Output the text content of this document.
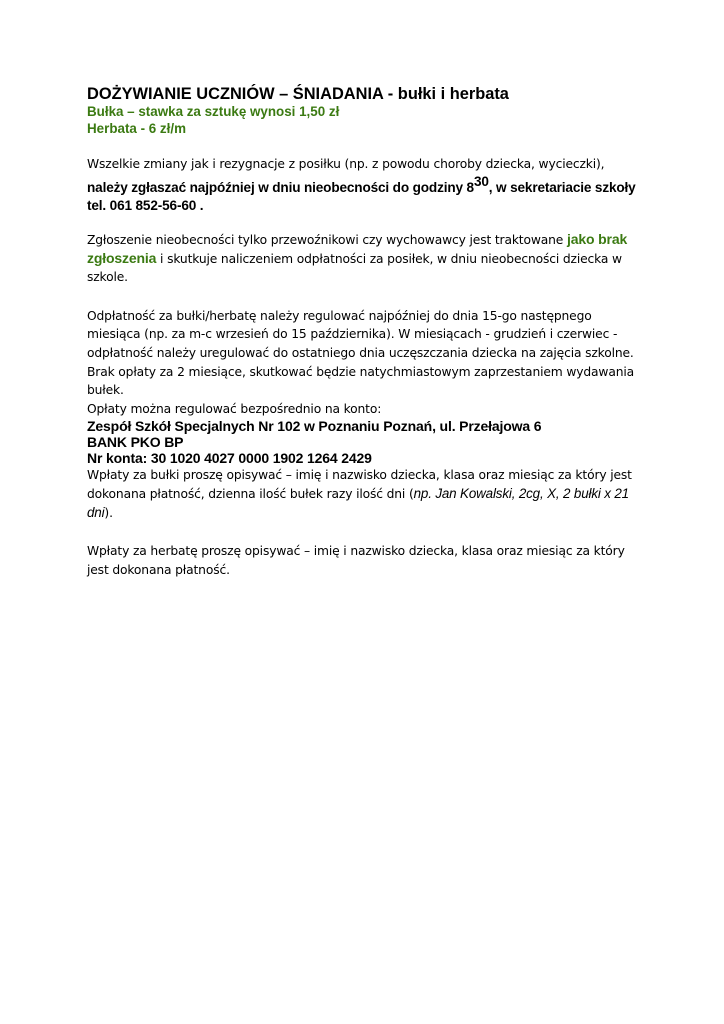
DOŻYWIANIE UCZNIÓW – ŚNIADANIA - bułki i herbata
Bułka – stawka za sztukę wynosi 1,50 zł
Herbata - 6 zł/m

Wszelkie zmiany jak i rezygnacje z posiłku (np. z powodu choroby dziecka, wycieczki), należy zgłaszać najpóźniej w dniu nieobecności do godziny $8^{30}$, w sekretariacie szkoły tel. 061 852-56-60 .

Zgłoszenie nieobecności tylko przewoźnikowi czy wychowawcy jest traktowane jako brak zgłoszenia i skutkuje naliczeniem odpłatności za posiłek, w dniu nieobecności dziecka w szkole.

Odpłatność za bułki/herbatę należy regulować najpóźniej do dnia 15-go następnego miesiąca (np. za m-c wrzesień do 15 października). W miesiącach - grudzień i czerwiec - odpłatność należy uregulować do ostatniego dnia uczęszczania dziecka na zajęcia szkolne.

Brak opłaty za 2 miesiące, skutkować będzie natychmiastowym zaprzestaniem wydawania bułek.

Opłaty można regulować bezpośrednio na konto:

Zespół Szkół Specjalnych Nr 102 w Poznaniu Poznań, ul. Przełajowa 6
BANK PKO BP
Nr konta: 30 1020 4027 0000 1902 1264 2429

Wpłaty za bułki proszę opisywać – imię i nazwisko dziecka, klasa oraz miesiąc za który jest dokonana płatność, dzienna ilość bułek razy ilość dni (np. Jan Kowalski, 2cg, X, 2 bułki x 21 dni).

Wpłaty za herbatę proszę opisywać – imię i nazwisko dziecka, klasa oraz miesiąc za który jest dokonana płatność.
